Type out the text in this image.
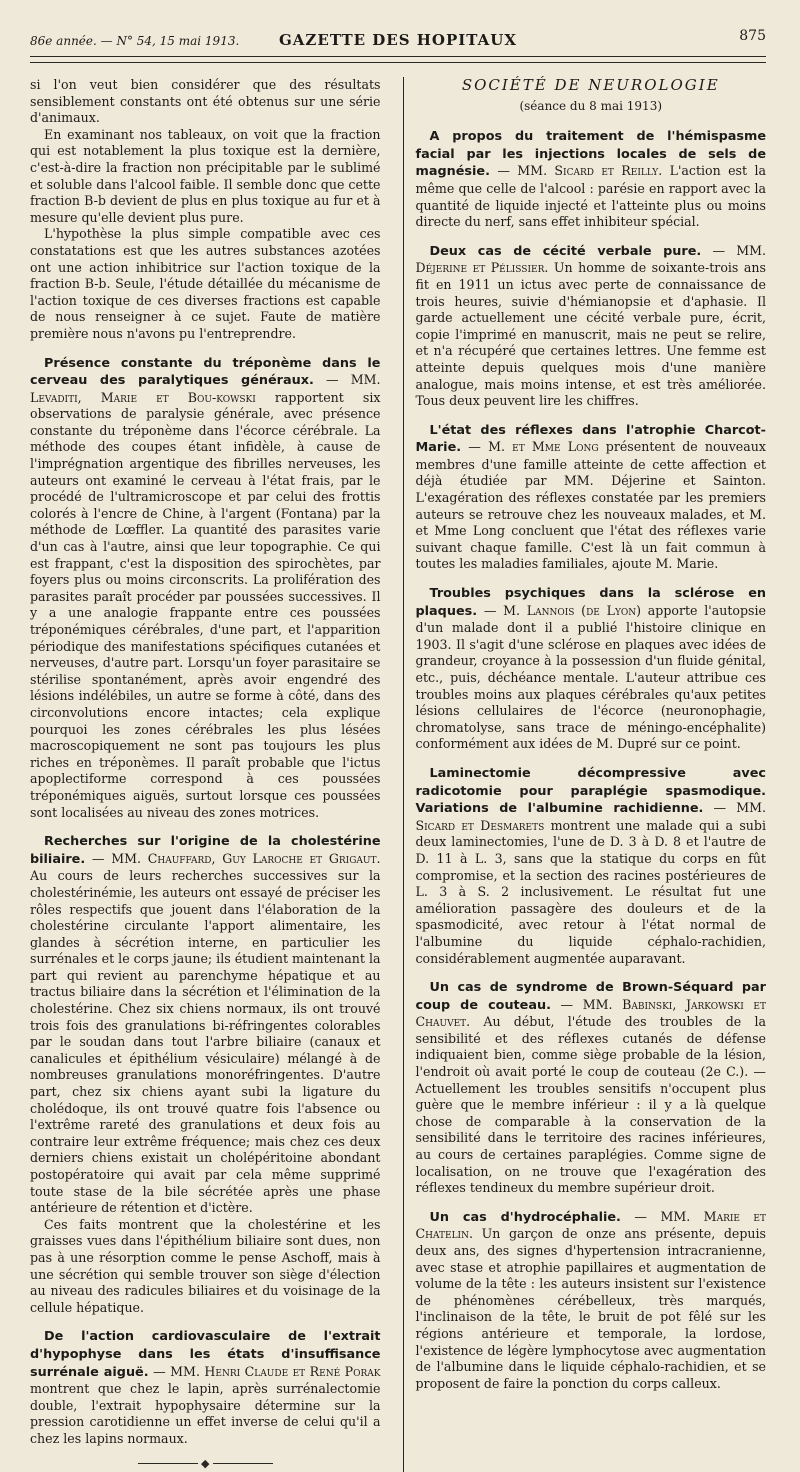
86e année. — N° 54, 15 mai 1913.	GAZETTE DES HOPITAUX	875

si l'on veut bien considérer que des résultats sensiblement constants ont été obtenus sur une série d'animaux.

En examinant nos tableaux, on voit que la fraction qui est notablement la plus toxique est la dernière, c'est-à-dire la fraction non précipitable par le sublimé et soluble dans l'alcool faible. Il semble donc que cette fraction B-b devient de plus en plus toxique au fur et à mesure qu'elle devient plus pure.

L'hypothèse la plus simple compatible avec ces constatations est que les autres substances azotées ont une action inhibitrice sur l'action toxique de la fraction B-b. Seule, l'étude détaillée du mécanisme de l'action toxique de ces diverses fractions est capable de nous renseigner à ce sujet. Faute de matière première nous n'avons pu l'entreprendre.

Présence constante du tréponème dans le cerveau des paralytiques généraux. — MM. Levaditi, Marie et Bou-kowski rapportent six observations de paralysie générale, avec présence constante du tréponème dans l'écorce cérébrale. La méthode des coupes étant infidèle, à cause de l'imprégnation argentique des fibrilles nerveuses, les auteurs ont examiné le cerveau à l'état frais, par le procédé de l'ultramicroscope et par celui des frottis colorés à l'encre de Chine, à l'argent (Fontana) par la méthode de Lœffler. La quantité des parasites varie d'un cas à l'autre, ainsi que leur topographie. Ce qui est frappant, c'est la disposition des spirochètes, par foyers plus ou moins circonscrits. La prolifération des parasites paraît procéder par poussées successives. Il y a une analogie frappante entre ces poussées tréponémiques cérébrales, d'une part, et l'apparition périodique des manifestations spécifiques cutanées et nerveuses, d'autre part. Lorsqu'un foyer parasitaire se stérilise spontanément, après avoir engendré des lésions indélébiles, un autre se forme à côté, dans des circonvolutions encore intactes; cela explique pourquoi les zones cérébrales les plus lésées macroscopiquement ne sont pas toujours les plus riches en tréponèmes. Il paraît probable que l'ictus apoplectiforme correspond à ces poussées tréponémiques aiguës, surtout lorsque ces poussées sont localisées au niveau des zones motrices.

Recherches sur l'origine de la cholestérine biliaire. — MM. Chauffard, Guy Laroche et Grigaut. Au cours de leurs recherches successives sur la cholestérinémie, les auteurs ont essayé de préciser les rôles respectifs que jouent dans l'élaboration de la cholestérine circulante l'apport alimentaire, les glandes à sécrétion interne, en particulier les surrénales et le corps jaune; ils étudient maintenant la part qui revient au parenchyme hépatique et au tractus biliaire dans la sécrétion et l'élimination de la cholestérine. Chez six chiens normaux, ils ont trouvé trois fois des granulations bi-réfringentes colorables par le soudan dans tout l'arbre biliaire (canaux et canalicules et épithélium vésiculaire) mélangé à de nombreuses granulations monoréfringentes. D'autre part, chez six chiens ayant subi la ligature du cholédoque, ils ont trouvé quatre fois l'absence ou l'extrême rareté des granulations et deux fois au contraire leur extrême fréquence; mais chez ces deux derniers chiens existait un cholépéritoine abondant postopératoire qui avait par cela même supprimé toute stase de la bile sécrétée après une phase antérieure de rétention et d'ictère.

Ces faits montrent que la cholestérine et les graisses vues dans l'épithélium biliaire sont dues, non pas à une résorption comme le pense Aschoff, mais à une sécrétion qui semble trouver son siège d'élection au niveau des radicules biliaires et du voisinage de la cellule hépatique.

De l'action cardiovasculaire de l'extrait d'hypophyse dans les états d'insuffisance surrénale aiguë. — MM. Henri Claude et René Porak montrent que chez le lapin, après surrénalectomie double, l'extrait hypophysaire détermine sur la pression carotidienne un effet inverse de celui qu'il a chez les lapins normaux.

◆
SOCIÉTÉ DE NEUROLOGIE
(séance du 8 mai 1913)

A propos du traitement de l'hémispasme facial par les injections locales de sels de magnésie. — MM. Sicard et Reilly. L'action est la même que celle de l'alcool : parésie en rapport avec la quantité de liquide injecté et l'atteinte plus ou moins directe du nerf, sans effet inhibiteur spécial.

Deux cas de cécité verbale pure. — MM. Déjerine et Pélissier. Un homme de soixante-trois ans fit en 1911 un ictus avec perte de connaissance de trois heures, suivie d'hémianopsie et d'aphasie. Il garde actuellement une cécité verbale pure, écrit, copie l'imprimé en manuscrit, mais ne peut se relire, et n'a récupéré que certaines lettres. Une femme est atteinte depuis quelques mois d'une manière analogue, mais moins intense, et est très améliorée. Tous deux peuvent lire les chiffres.

L'état des réflexes dans l'atrophie Charcot-Marie. — M. et Mme Long présentent de nouveaux membres d'une famille atteinte de cette affection et déjà étudiée par MM. Déjerine et Sainton. L'exagération des réflexes constatée par les premiers auteurs se retrouve chez les nouveaux malades, et M. et Mme Long concluent que l'état des réflexes varie suivant chaque famille. C'est là un fait commun à toutes les maladies familiales, ajoute M. Marie.

Troubles psychiques dans la sclérose en plaques. — M. Lannois (de Lyon) apporte l'autopsie d'un malade dont il a publié l'histoire clinique en 1903. Il s'agit d'une sclérose en plaques avec idées de grandeur, croyance à la possession d'un fluide génital, etc., puis, déchéance mentale. L'auteur attribue ces troubles moins aux plaques cérébrales qu'aux petites lésions cellulaires de l'écorce (neuronophagie, chromatolyse, sans trace de méningo-encéphalite) conformément aux idées de M. Dupré sur ce point.

Laminectomie décompressive avec radicotomie pour paraplégie spasmodique. Variations de l'albumine rachidienne. — MM. Sicard et Desmarets montrent une malade qui a subi deux laminectomies, l'une de D. 3 à D. 8 et l'autre de D. 11 à L. 3, sans que la statique du corps en fût compromise, et la section des racines postérieures de L. 3 à S. 2 inclusivement. Le résultat fut une amélioration passagère des douleurs et de la spasmodicité, avec retour à l'état normal de l'albumine du liquide céphalo-rachidien, considérablement augmentée auparavant.

Un cas de syndrome de Brown-Séquard par coup de couteau. — MM. Babinski, Jarkowski et Chauvet. Au début, l'étude des troubles de la sensibilité et des réflexes cutanés de défense indiquaient bien, comme siège probable de la lésion, l'endroit où avait porté le coup de couteau (2e C.). — Actuellement les troubles sensitifs n'occupent plus guère que le membre inférieur : il y a là quelque chose de comparable à la conservation de la sensibilité dans le territoire des racines inférieures, au cours de certaines paraplégies. Comme signe de localisation, on ne trouve que l'exagération des réflexes tendineux du membre supérieur droit.

Un cas d'hydrocéphalie. — MM. Marie et Chatelin. Un garçon de onze ans présente, depuis deux ans, des signes d'hypertension intracranienne, avec stase et atrophie papillaires et augmentation de volume de la tête : les auteurs insistent sur l'existence de phénomènes cérébelleux, très marqués, l'inclinaison de la tête, le bruit de pot fêlé sur les régions antérieure et temporale, la lordose, l'existence de légère lymphocytose avec augmentation de l'albumine dans le liquide céphalo-rachidien, et se proposent de faire la ponction du corps calleux.
